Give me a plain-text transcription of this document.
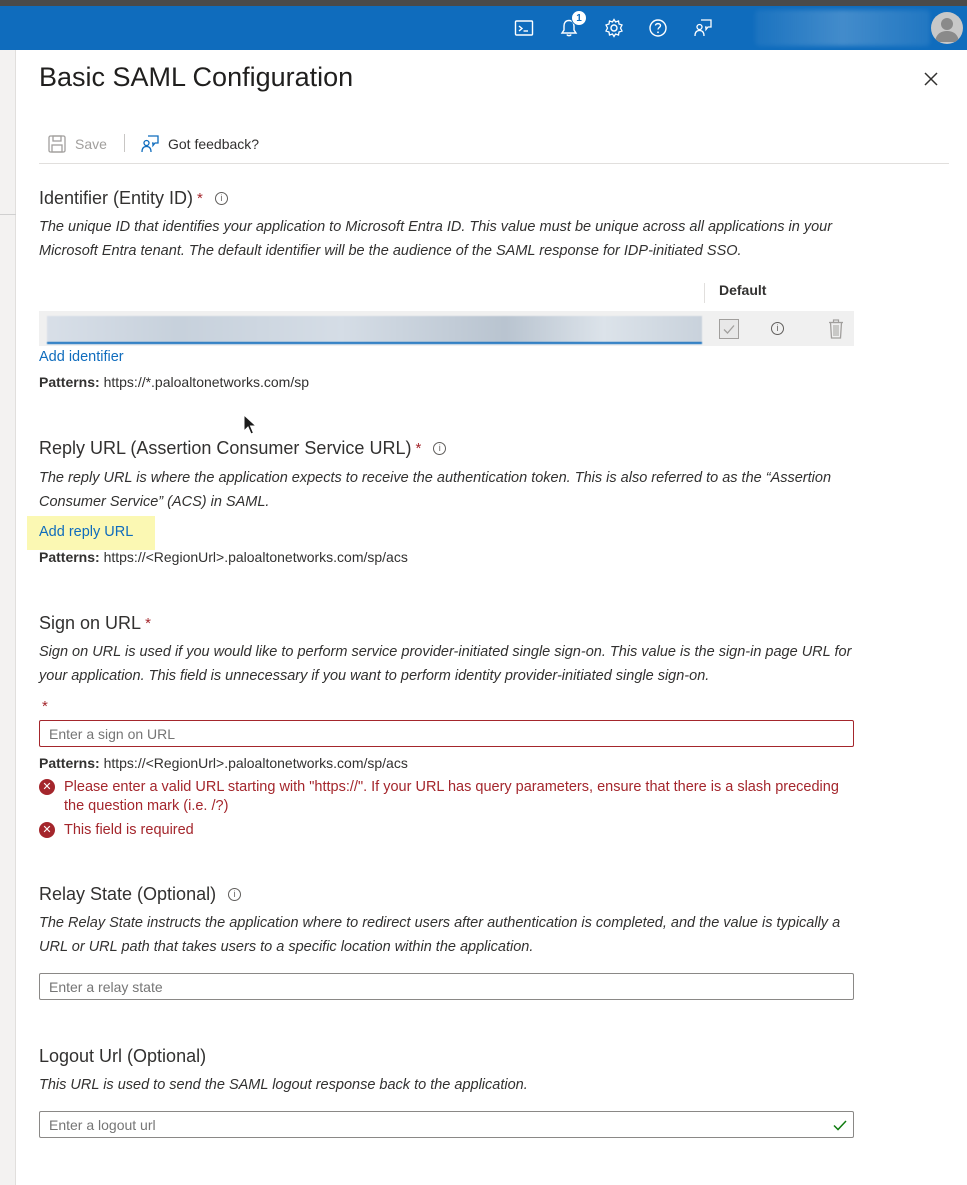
1
Basic SAML Configuration
Save	Got feedback?
Identifier (Entity ID) *	i
The unique ID that identifies your application to Microsoft Entra ID. This value must be unique across all applications in your Microsoft Entra tenant. The default identifier will be the audience of the SAML response for IDP-initiated SSO.
Default
i
Add identifier
Patterns: https://*.paloaltonetworks.com/sp
Reply URL (Assertion Consumer Service URL) *	i
The reply URL is where the application expects to receive the authentication token. This is also referred to as the “Assertion Consumer Service” (ACS) in SAML.
Add reply URL
Patterns: https://<RegionUrl>.paloaltonetworks.com/sp/acs
Sign on URL *
Sign on URL is used if you would like to perform service provider-initiated single sign-on. This value is the sign-in page URL for your application. This field is unnecessary if you want to perform identity provider-initiated single sign-on.
*
Enter a sign on URL
Patterns: https://<RegionUrl>.paloaltonetworks.com/sp/acs
✕ Please enter a valid URL starting with "https://". If your URL has query parameters, ensure that there is a slash preceding the question mark (i.e. /?)
✕ This field is required
Relay State (Optional)	i
The Relay State instructs the application where to redirect users after authentication is completed, and the value is typically a URL or URL path that takes users to a specific location within the application.
Enter a relay state
Logout Url (Optional)
This URL is used to send the SAML logout response back to the application.
Enter a logout url
